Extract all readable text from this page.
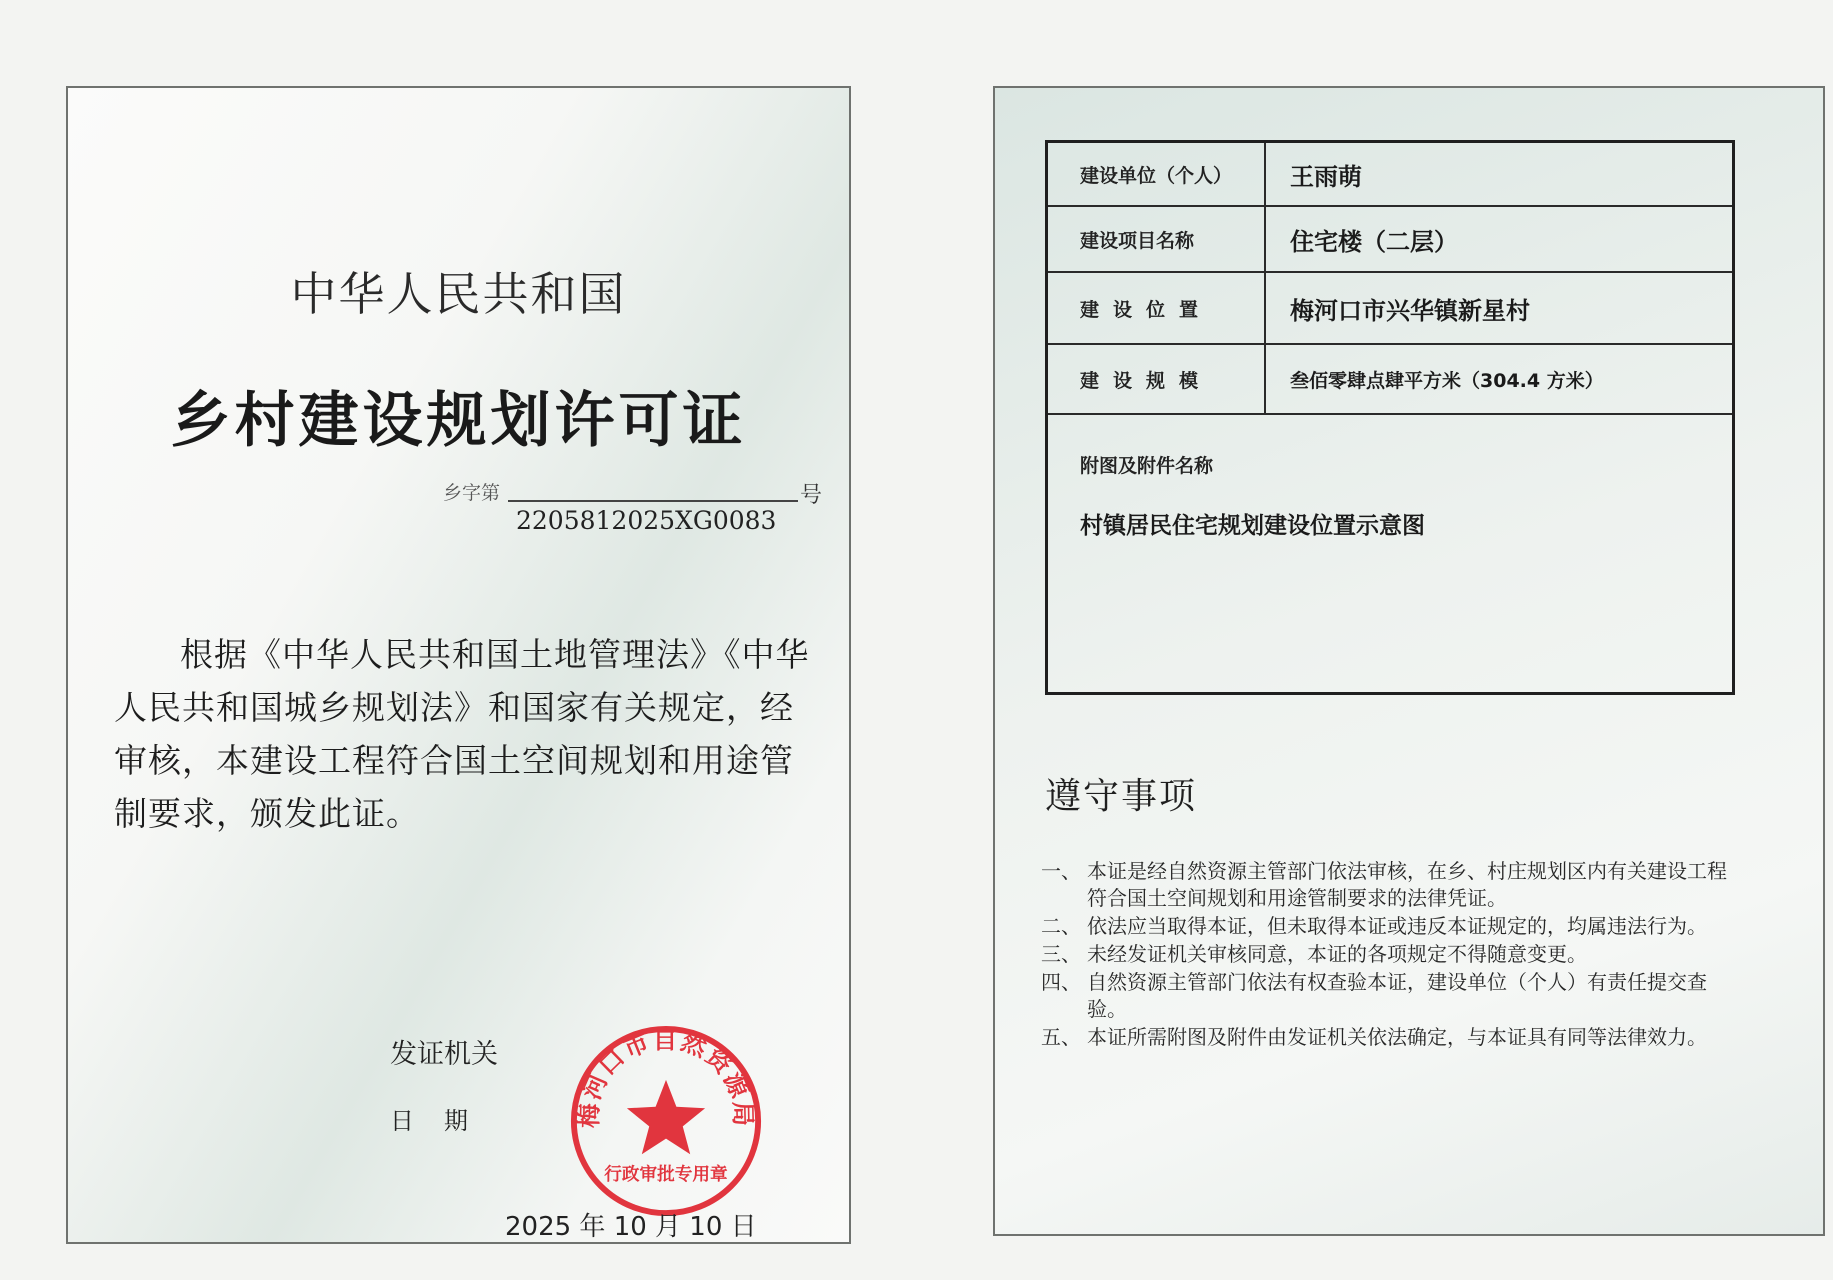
中华人民共和国
乡村建设规划许可证
乡字第	号
2205812025XG0083
根据《中华人民共和国土地管理法》《中华人民共和国城乡规划法》和国家有关规定，经审核，本建设工程符合国土空间规划和用途管制要求，颁发此证。
发证机关
日期	梅河口市自然资源局
行政审批专用章
2025 年 10 月 10 日
建设单位（个人）	王雨萌
建设项目名称	住宅楼（二层）
建设位置	梅河口市兴华镇新星村
建设规模	叁佰零肆点肆平方米（304.4 方米）
附图及附件名称
村镇居民住宅规划建设位置示意图
遵守事项
一、 本证是经自然资源主管部门依法审核，在乡、村庄规划区内有关建设工程符合国土空间规划和用途管制要求的法律凭证。
二、 依法应当取得本证，但未取得本证或违反本证规定的，均属违法行为。
三、 未经发证机关审核同意，本证的各项规定不得随意变更。
四、 自然资源主管部门依法有权查验本证，建设单位（个人）有责任提交查验。
五、 本证所需附图及附件由发证机关依法确定，与本证具有同等法律效力。
